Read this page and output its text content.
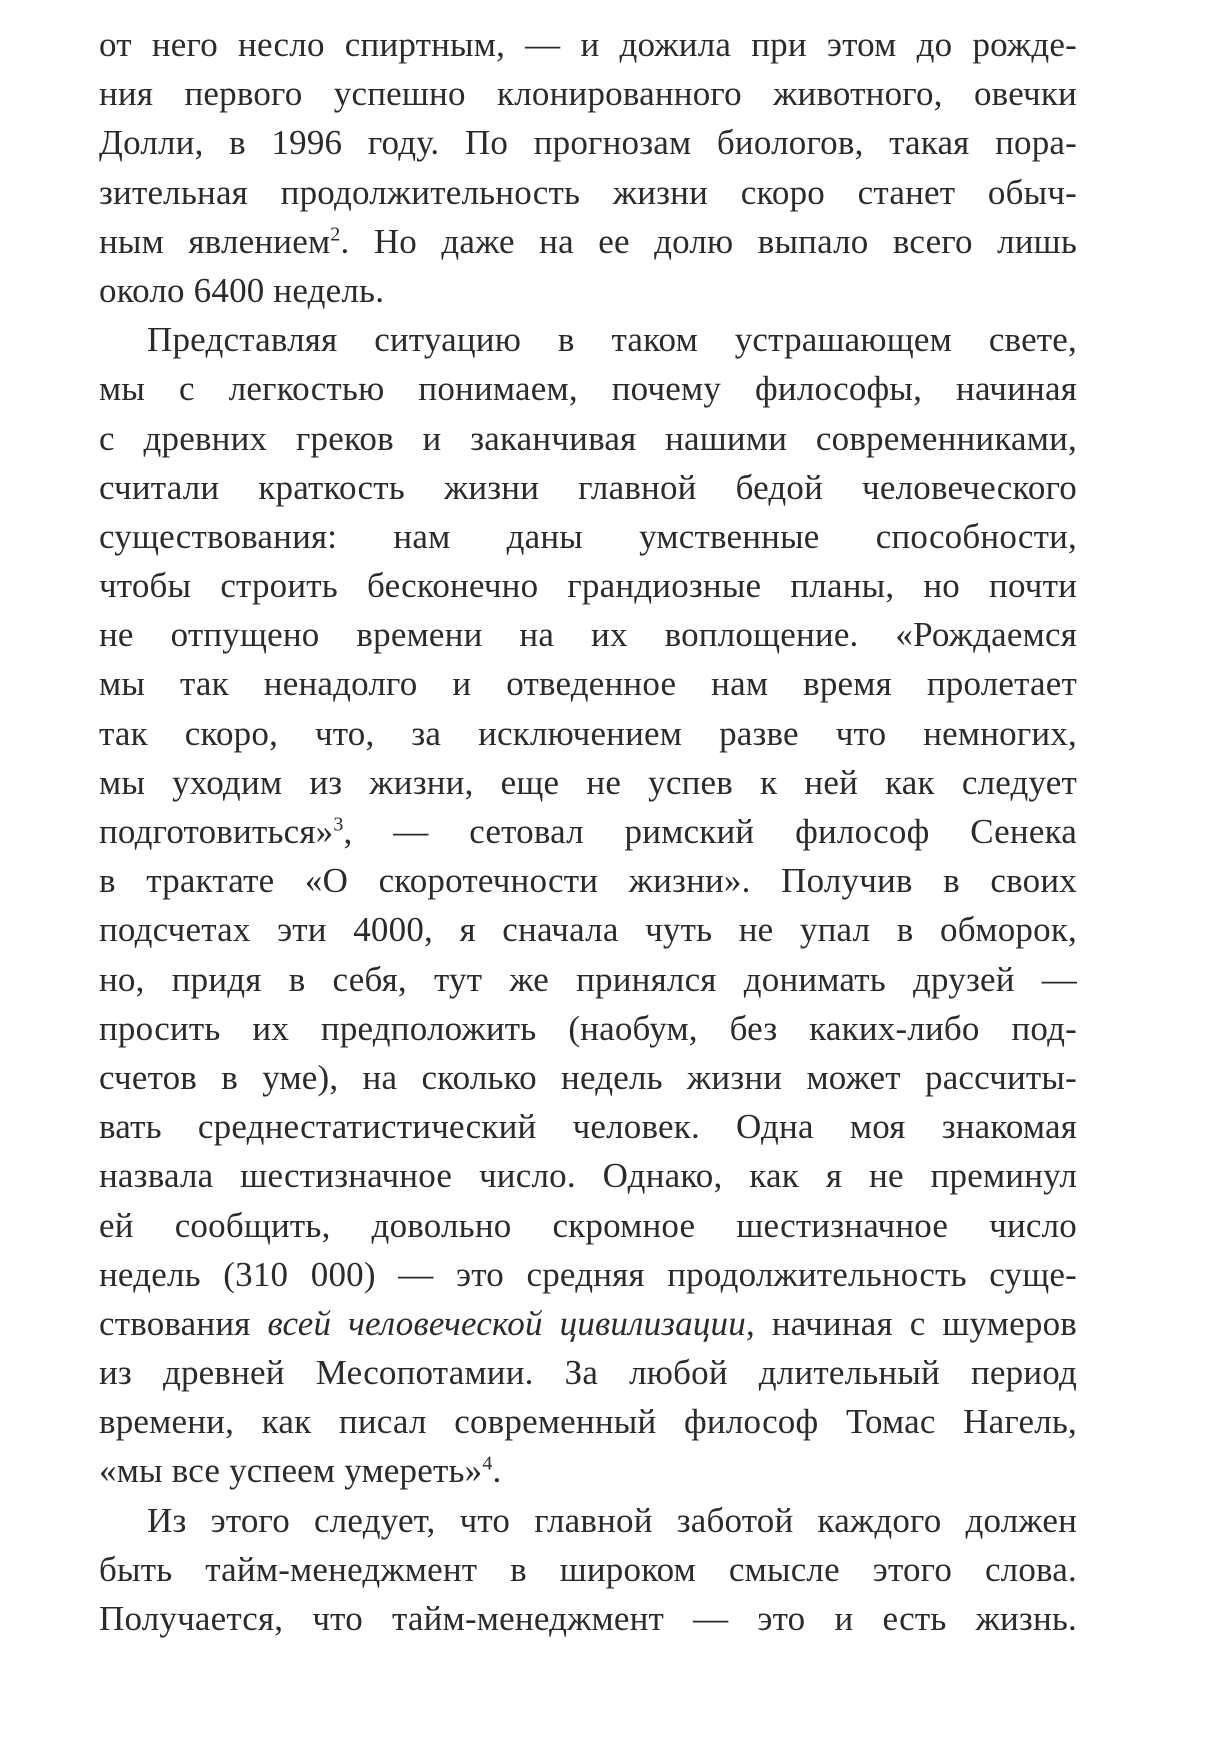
от него несло спиртным, — и дожила при этом до рожде-
ния первого успешно клонированного животного, овечки
Долли, в 1996 году. По прогнозам биологов, такая пора-
зительная продолжительность жизни скоро станет обыч-
ным явлением$^2$. Но даже на ее долю выпало всего лишь
около 6400 недель.
Представляя ситуацию в таком устрашающем свете,
мы с легкостью понимаем, почему философы, начиная
с древних греков и заканчивая нашими современниками,
считали краткость жизни главной бедой человеческого
существования: нам даны умственные способности,
чтобы строить бесконечно грандиозные планы, но почти
не отпущено времени на их воплощение. «Рождаемся
мы так ненадолго и отведенное нам время пролетает
так скоро, что, за исключением разве что немногих,
мы уходим из жизни, еще не успев к ней как следует
подготовиться»$^3$, — сетовал римский философ Сенека
в трактате «О скоротечности жизни». Получив в своих
подсчетах эти 4000, я сначала чуть не упал в обморок,
но, придя в себя, тут же принялся донимать друзей —
просить их предположить (наобум, без каких-либо под-
счетов в уме), на сколько недель жизни может рассчиты-
вать среднестатистический человек. Одна моя знакомая
назвала шестизначное число. Однако, как я не преминул
ей сообщить, довольно скромное шестизначное число
недель (310 000) — это средняя продолжительность суще-
ствования всей человеческой цивилизации, начиная с шумеров
из древней Месопотамии. За любой длительный период
времени, как писал современный философ Томас Нагель,
«мы все успеем умереть»$^4$.
Из этого следует, что главной заботой каждого должен
быть тайм-менеджмент в широком смысле этого слова.
Получается, что тайм-менеджмент — это и есть жизнь.
